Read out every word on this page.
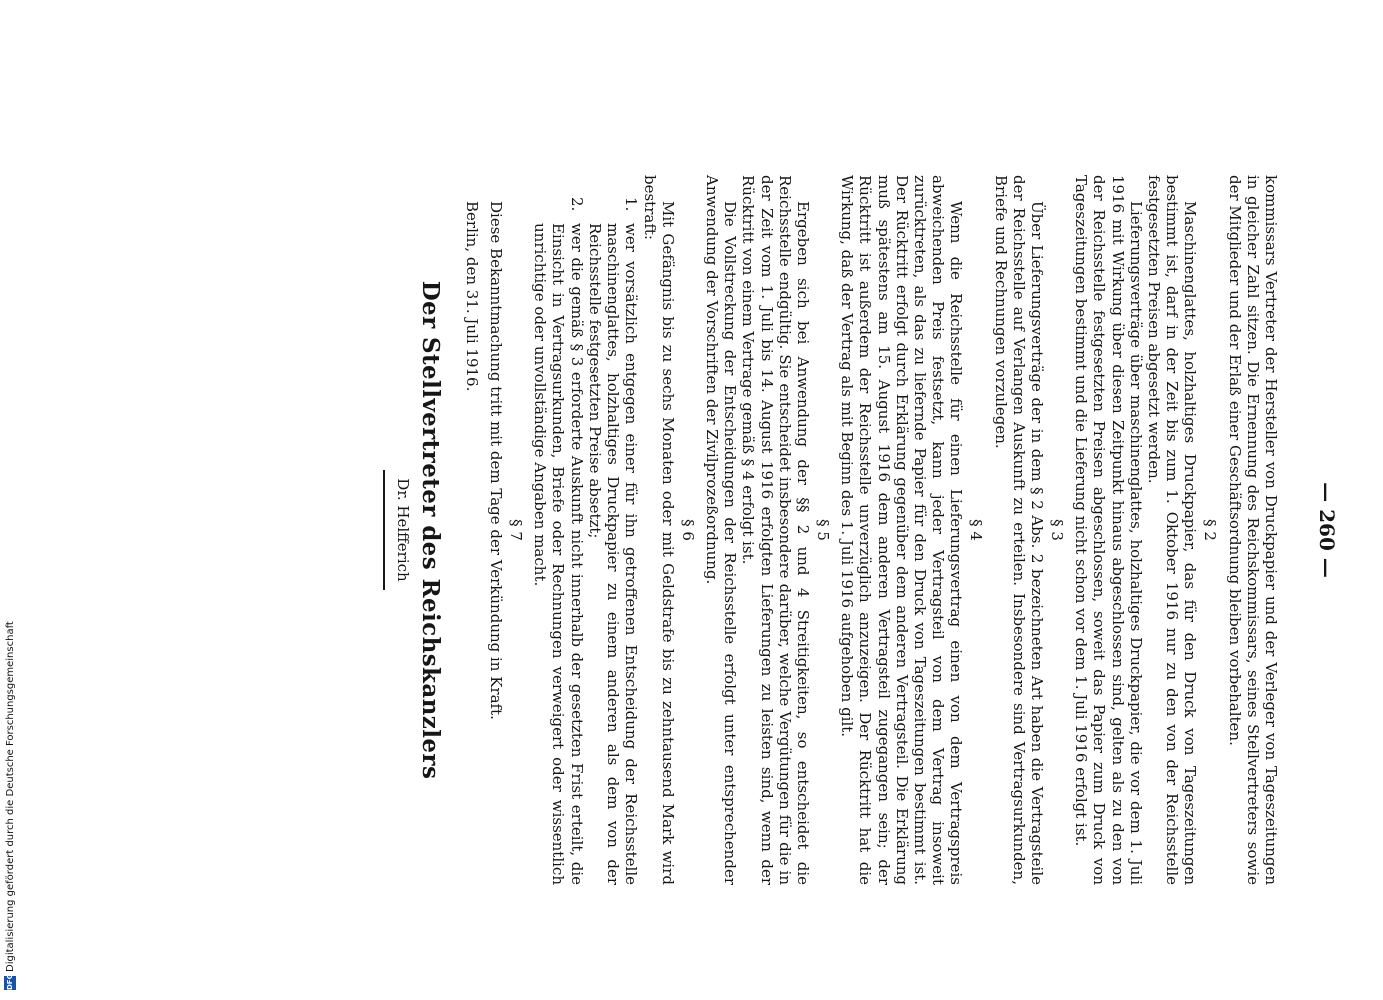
— 260 —

kommissars Vertreter der Hersteller von Druckpapier und der Verleger von Tageszeitungen in gleicher Zahl sitzen. Die Ernennung des Reichskommissars, seines Stellvertreters sowie der Mitglieder und der Erlaß einer Geschäftsordnung bleiben vorbehalten.

§ 2

Maschinenglattes, holzhaltiges Druckpapier, das für den Druck von Tageszeitungen bestimmt ist, darf in der Zeit bis zum 1. Oktober 1916 nur zu den von der Reichsstelle festgesetzten Preisen abgesetzt werden.

Lieferungsverträge über maschinenglattes, holzhaltiges Druckpapier, die vor dem 1. Juli 1916 mit Wirkung über diesen Zeitpunkt hinaus abgeschlossen sind, gelten als zu den von der Reichsstelle festgesetzten Preisen abgeschlossen, soweit das Papier zum Druck von Tageszeitungen bestimmt und die Lieferung nicht schon vor dem 1. Juli 1916 erfolgt ist.

§ 3

Über Lieferungsverträge der in dem § 2 Abs. 2 bezeichneten Art haben die Vertragsteile der Reichsstelle auf Verlangen Auskunft zu erteilen. Insbesondere sind Vertragsurkunden, Briefe und Rechnungen vorzulegen.

§ 4

Wenn die Reichsstelle für einen Lieferungsvertrag einen von dem Vertragspreis abweichenden Preis festsetzt, kann jeder Vertragsteil von dem Vertrag insoweit zurücktreten, als das zu liefernde Papier für den Druck von Tageszeitungen bestimmt ist. Der Rücktritt erfolgt durch Erklärung gegenüber dem anderen Vertragsteil. Die Erklärung muß spätestens am 15. August 1916 dem anderen Vertragsteil zugegangen sein; der Rücktritt ist außerdem der Reichsstelle unverzüglich anzuzeigen. Der Rücktritt hat die Wirkung, daß der Vertrag als mit Beginn des 1. Juli 1916 aufgehoben gilt.

§ 5

Ergeben sich bei Anwendung der §§ 2 und 4 Streitigkeiten, so entscheidet die Reichsstelle endgültig. Sie entscheidet insbesondere darüber, welche Vergütungen für die in der Zeit vom 1. Juli bis 14. August 1916 erfolgten Lieferungen zu leisten sind, wenn der Rücktritt von einem Vertrage gemäß § 4 erfolgt ist.

Die Vollstreckung der Entscheidungen der Reichsstelle erfolgt unter entsprechender Anwendung der Vorschriften der Zivilprozeßordnung.

§ 6

Mit Gefängnis bis zu sechs Monaten oder mit Geldstrafe bis zu zehntausend Mark wird bestraft:

1.
wer vorsätzlich entgegen einer für ihn getroffenen Entscheidung der Reichsstelle maschinenglattes, holzhaltiges Druckpapier zu einem anderen als dem von der Reichsstelle festgesetzten Preise absetzt;
2.
wer die gemäß § 3 erforderte Auskunft nicht innerhalb der gesetzten Frist erteilt, die Einsicht in Vertragsurkunden, Briefe oder Rechnungen verweigert oder wissentlich unrichtige oder unvollständige Angaben macht.
§ 7

Diese Bekanntmachung tritt mit dem Tage der Verkündung in Kraft.

Berlin, den 31. Juli 1916.

Der Stellvertreter des Reichskanzlers
Dr. Helfferich
DFGDigitalisierung gefördert durch die Deutsche Forschungsgemeinschaft
